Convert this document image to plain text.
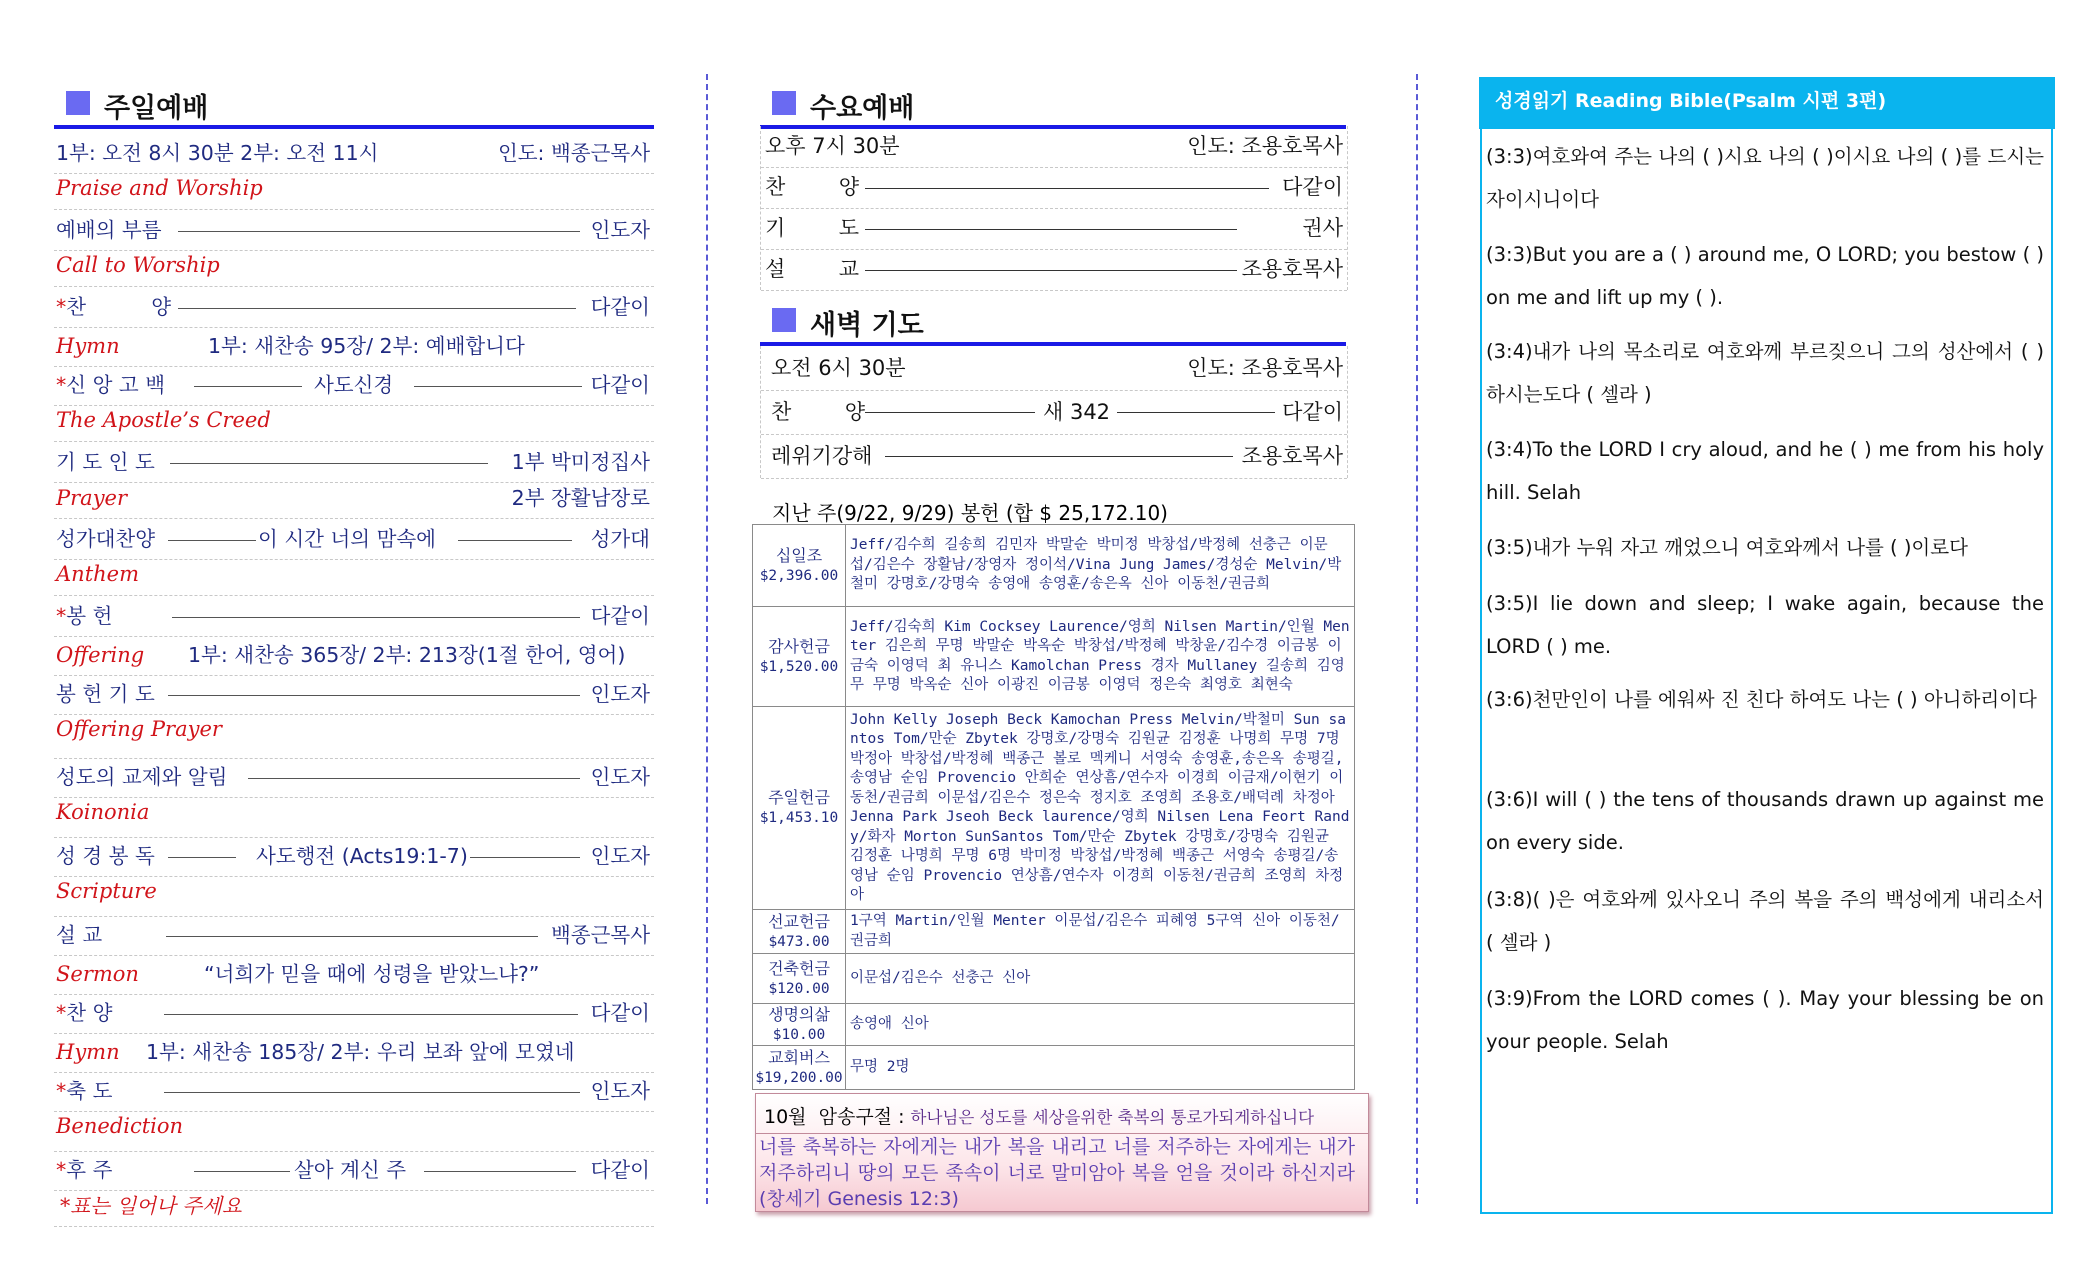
주일예배
1부: 오전 8시 30분 2부: 오전 11시	인도: 백종근목사
Praise and Worship
예배의 부름	인도자
Call to Worship
*찬          양	다같이
Hymn	1부: 새찬송 95장/ 2부: 예배합니다
*신 앙 고 백	사도신경	다같이
The Apostle’s Creed
기 도 인 도	1부 박미정집사
Prayer	2부 장활남장로
성가대찬양	이 시간 너의 맘속에	성가대
Anthem
*봉 헌	다같이
Offering 1부: 새찬송 365장/ 2부: 213장(1절 한어, 영어)
봉 헌 기 도	인도자
Offering Prayer
성도의 교제와 알림	인도자
Koinonia
성 경 봉 독	사도행전 (Acts19:1-7)	인도자
Scripture
설 교	백종근목사
Sermon	“너희가 믿을 때에 성령을 받았느냐?”
*찬 양	다같이
Hymn 1부: 새찬송 185장/ 2부: 우리 보좌 앞에 모였네
*축 도	인도자
Benediction
*후 주	살아 계신 주	다같이
*표는 일어나 주세요
수요예배
오후 7시 30분	인도: 조용호목사
찬        양	다같이
기        도	권사
설        교	조용호목사
새벽 기도
오전 6시 30분	인도: 조용호목사
찬        양	새 342	다같이
레위기강해	조용호목사
지난 주(9/22, 9/29) 봉헌 (합 $ 25,172.10)
십일조
$2,396.00	Jeff/김수희 길송희 김민자 박말순 박미정 박창섭/박정혜 선충근 이문섭/김은수 장활남/장영자 정이석/Vina Jung James/경성순 Melvin/박철미 강명호/강명숙 송영애 송영훈/송은옥 신아 이동천/권금희

감사헌금
$1,520.00	Jeff/김숙희 Kim Cocksey Laurence/영희 Nilsen Martin/인월 Menter 김은희 무명 박말순 박옥순 박창섭/박정혜 박창윤/김수경 이금봉 이금숙 이영덕 최 유니스 Kamolchan Press 경자 Mullaney 길송희 김영무 무명 박옥순 신아 이광진 이금봉 이영덕 정은숙 최영호 최현숙

주일헌금
$1,453.10	John Kelly Joseph Beck Kamochan Press Melvin/박철미 Sun santos Tom/만순 Zbytek 강명호/강명숙 김원균 김정훈 나명희 무명 7명 박정아 박창섭/박정혜 백종근 볼로 멕케니 서영숙 송영훈,송은옥 송평길,송영남 순임 Provencio 안희순 연상흠/연수자 이경희 이금재/이현기 이동천/권금희 이문섭/김은수 정은숙 정지호 조영희 조용호/배덕례 차정아 Jenna Park Jseoh Beck laurence/영희 Nilsen Lena Feort Randy/화자 Morton SunSantos Tom/만순 Zbytek 강명호/강명숙 김원균 김정훈 나명희 무명 6명 박미정 박창섭/박정혜 백종근 서영숙 송평길/송영남 순임 Provencio 연상흠/연수자 이경희 이동천/권금희 조영희 차정아

선교헌금
$473.00	1구역 Martin/인월 Menter 이문섭/김은수 피혜영 5구역 신아 이동천/권금희

건축헌금
$120.00	이문섭/김은수 선충근 신아

생명의삶
$10.00	송영애 신아

교회버스
$19,200.00	무명 2명
10월  암송구절 : 하나님은 성도를 세상을위한 축복의 통로가되게하십니다
너를 축복하는 자에게는 내가 복을 내리고 너를 저주하는 자에게는 내가 저주하리니 땅의 모든 족속이 너로 말미암아 복을 얻을 것이라 하신지라 (창세기 Genesis 12:3)
성경읽기 Reading Bible(Psalm 시편 3편)
(3:3)여호와여 주는 나의 ( )시요 나의 ( )이시요 나의 ( )를 드시는 자이시니이다
(3:3)But you are a ( ) around me, O LORD; you bestow ( ) on me and lift up my ( ).
(3:4)내가 나의 목소리로 여호와께 부르짖으니 그의 성산에서 ( )하시는도다 ( 셀라 )
(3:4)To the LORD I cry aloud, and he ( ) me from his holy hill. Selah
(3:5)내가 누워 자고 깨었으니 여호와께서 나를 ( )이로다
(3:5)I lie down and sleep; I wake again, because the LORD ( ) me.
(3:6)천만인이 나를 에워싸 진 친다 하여도 나는 ( ) 아니하리이다
(3:6)I will ( ) the tens of thousands drawn up against me on every side.
(3:8)( )은 여호와께 있사오니 주의 복을 주의 백성에게 내리소서 ( 셀라 )
(3:9)From the LORD comes ( ). May your blessing be on your people. Selah
